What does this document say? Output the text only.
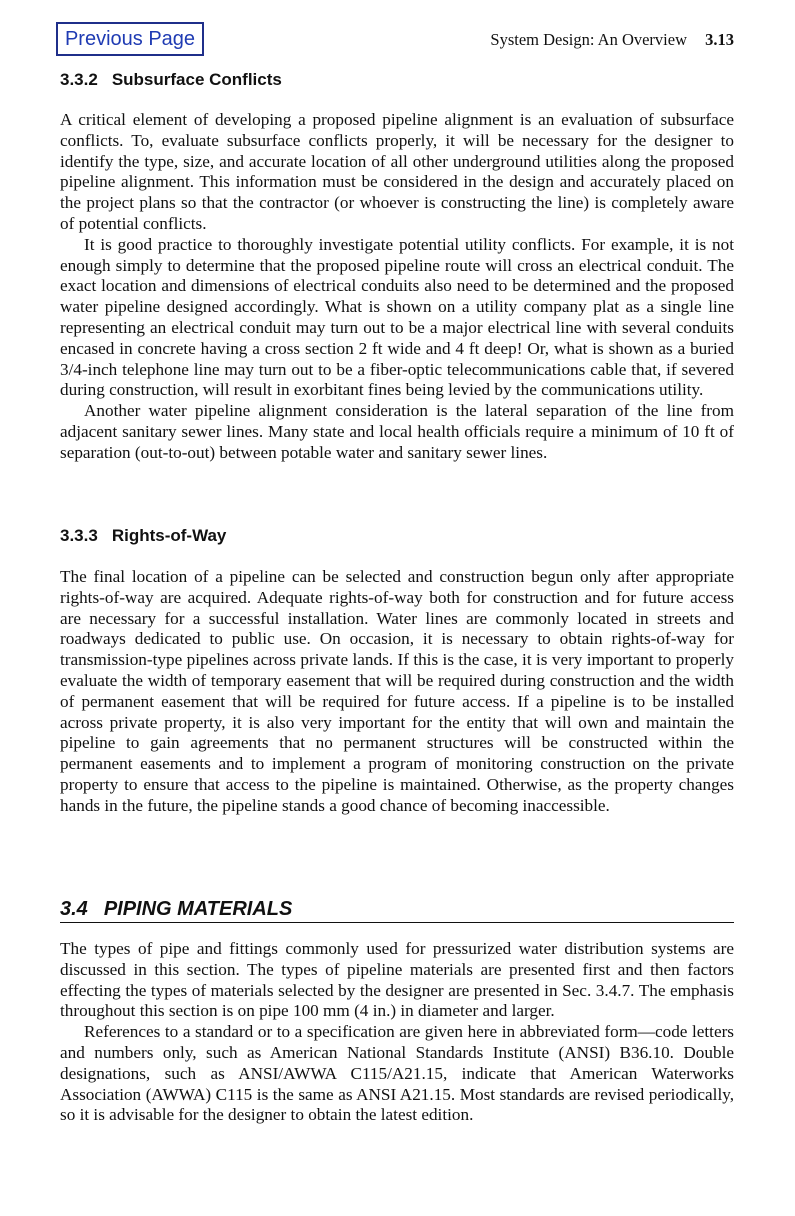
Previous Page	System Design: An Overview 3.13
3.3.2 Subsurface Conflicts

A critical element of developing a proposed pipeline alignment is an evaluation of subsurface conflicts. To, evaluate subsurface conflicts properly, it will be necessary for the designer to identify the type, size, and accurate location of all other underground utilities along the proposed pipeline alignment. This information must be considered in the design and accurately placed on the project plans so that the contractor (or whoever is constructing the line) is completely aware of potential conflicts.

It is good practice to thoroughly investigate potential utility conflicts. For example, it is not enough simply to determine that the proposed pipeline route will cross an electrical conduit. The exact location and dimensions of electrical conduits also need to be determined and the proposed water pipeline designed accordingly. What is shown on a utility company plat as a single line representing an electrical conduit may turn out to be a major electrical line with several conduits encased in concrete having a cross section 2 ft wide and 4 ft deep! Or, what is shown as a buried 3/4-inch telephone line may turn out to be a fiber-optic telecommunications cable that, if severed during construction, will result in exorbitant fines being levied by the communications utility.

Another water pipeline alignment consideration is the lateral separation of the line from adjacent sanitary sewer lines. Many state and local health officials require a minimum of 10 ft of separation (out-to-out) between potable water and sanitary sewer lines.

3.3.3 Rights-of-Way

The final location of a pipeline can be selected and construction begun only after appropriate rights-of-way are acquired. Adequate rights-of-way both for construction and for future access are necessary for a successful installation. Water lines are commonly located in streets and roadways dedicated to public use. On occasion, it is necessary to obtain rights-of-way for transmission-type pipelines across private lands. If this is the case, it is very important to properly evaluate the width of temporary easement that will be required during construction and the width of permanent easement that will be required for future access. If a pipeline is to be installed across private property, it is also very important for the entity that will own and maintain the pipeline to gain agreements that no permanent structures will be constructed within the permanent easements and to implement a program of monitoring construction on the private property to ensure that access to the pipeline is maintained. Otherwise, as the property changes hands in the future, the pipeline stands a good chance of becoming inaccessible.

3.4 PIPING MATERIALS

The types of pipe and fittings commonly used for pressurized water distribution systems are discussed in this section. The types of pipeline materials are presented first and then factors effecting the types of materials selected by the designer are presented in Sec. 3.4.7. The emphasis throughout this section is on pipe 100 mm (4 in.) in diameter and larger.

References to a standard or to a specification are given here in abbreviated form—code letters and numbers only, such as American National Standards Institute (ANSI) B36.10. Double designations, such as ANSI/AWWA C115/A21.15, indicate that American Waterworks Association (AWWA) C115 is the same as ANSI A21.15. Most standards are revised periodically, so it is advisable for the designer to obtain the latest edition.
